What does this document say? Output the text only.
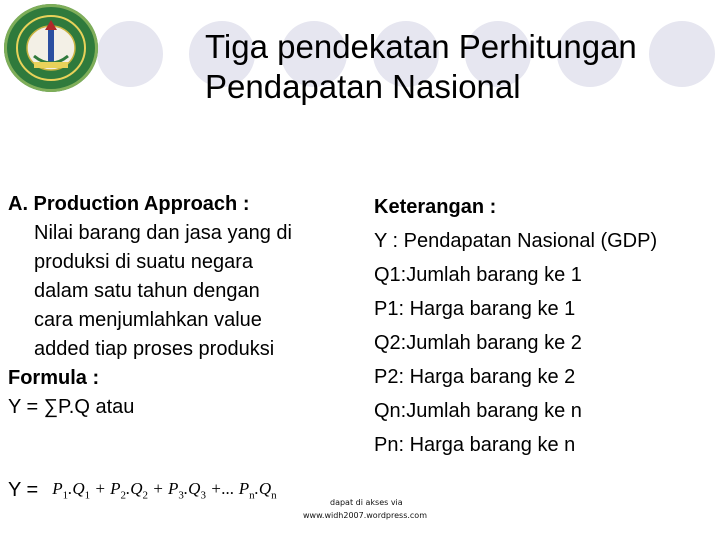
Tiga pendekatan Perhitungan
Pendapatan Nasional
A. Production Approach :
Nilai barang dan jasa yang di
produksi di suatu negara
dalam satu tahun dengan
cara menjumlahkan value
added tiap proses produksi
Formula :
Y = ∑P.Q atau
Keterangan :
Y : Pendapatan Nasional (GDP)
Q1:Jumlah barang ke 1
P1: Harga barang ke 1
Q2:Jumlah barang ke 2
P2: Harga barang ke 2
Qn:Jumlah barang ke n
Pn: Harga barang ke n
$Y = P_1.Q_1 + P_2.Q_2 + P_3.Q_3$ +... $P_n.Q_n$
dapat di akses via
www.widh2007.wordpress.com
